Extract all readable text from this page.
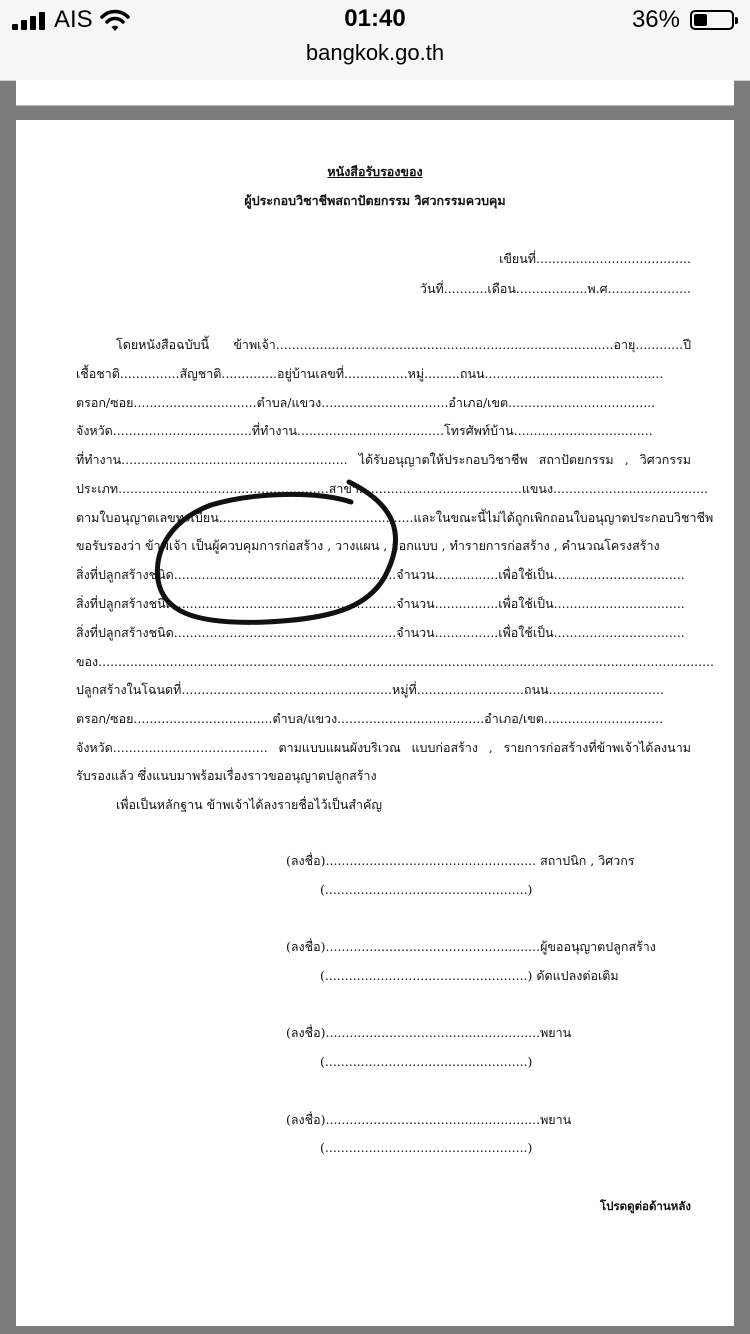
AIS	01:40	36%
bangkok.go.th
หนังสือรับรองของ
ผู้ประกอบวิชาชีพสถาปัตยกรรม วิศวกรรมควบคุม
เขียนที่.......................................
วันที่...........เดือน..................พ.ศ.....................
โดยหนังสือฉบับนี้ ข้าพเจ้า.....................................................................................อายุ............ปี
เชื้อชาติ...............สัญชาติ..............อยู่บ้านเลขที่................หมู่.........ถนน.............................................
ตรอก/ซอย...............................ตำบล/แขวง................................อำเภอ/เขต.....................................
จังหวัด...................................ที่ทำงาน.....................................โทรศัพท์บ้าน...................................
ที่ทำงาน......................................................... ได้รับอนุญาตให้ประกอบวิชาชีพ สถาปัตยกรรม , วิศวกรรม
ประเภท.....................................................สาขา.........................................แขนง.......................................
ตามใบอนุญาตเลขทะเบียน.................................................และในขณะนี้ไม่ได้ถูกเพิกถอนใบอนุญาตประกอบวิชาชีพ
ขอรับรองว่า ข้าพเจ้า เป็นผู้ควบคุมการก่อสร้าง , วางแผน , ออกแบบ , ทำรายการก่อสร้าง , คำนวณโครงสร้าง
สิ่งที่ปลูกสร้างชนิด........................................................จำนวน................เพื่อใช้เป็น.................................
สิ่งที่ปลูกสร้างชนิด........................................................จำนวน................เพื่อใช้เป็น.................................
สิ่งที่ปลูกสร้างชนิด........................................................จำนวน................เพื่อใช้เป็น.................................
ของ...........................................................................................................................................................
ปลูกสร้างในโฉนดที่.....................................................หมู่ที่...........................ถนน.............................
ตรอก/ซอย...................................ตำบล/แขวง.....................................อำเภอ/เขต..............................
จังหวัด....................................... ตามแบบแผนผังบริเวณ แบบก่อสร้าง , รายการก่อสร้างที่ข้าพเจ้าได้ลงนาม
รับรองแล้ว ซึ่งแนบมาพร้อมเรื่องราวขออนุญาตปลูกสร้าง
เพื่อเป็นหลักฐาน ข้าพเจ้าได้ลงรายชื่อไว้เป็นสำคัญ
(ลงชื่อ)..................................................... สถาปนิก , วิศวกร
(...................................................)
(ลงชื่อ)......................................................ผู้ขออนุญาตปลูกสร้าง
(...................................................) ดัดแปลงต่อเติม
(ลงชื่อ)......................................................พยาน
(...................................................)
(ลงชื่อ)......................................................พยาน
(...................................................)
โปรดดูต่อด้านหลัง
